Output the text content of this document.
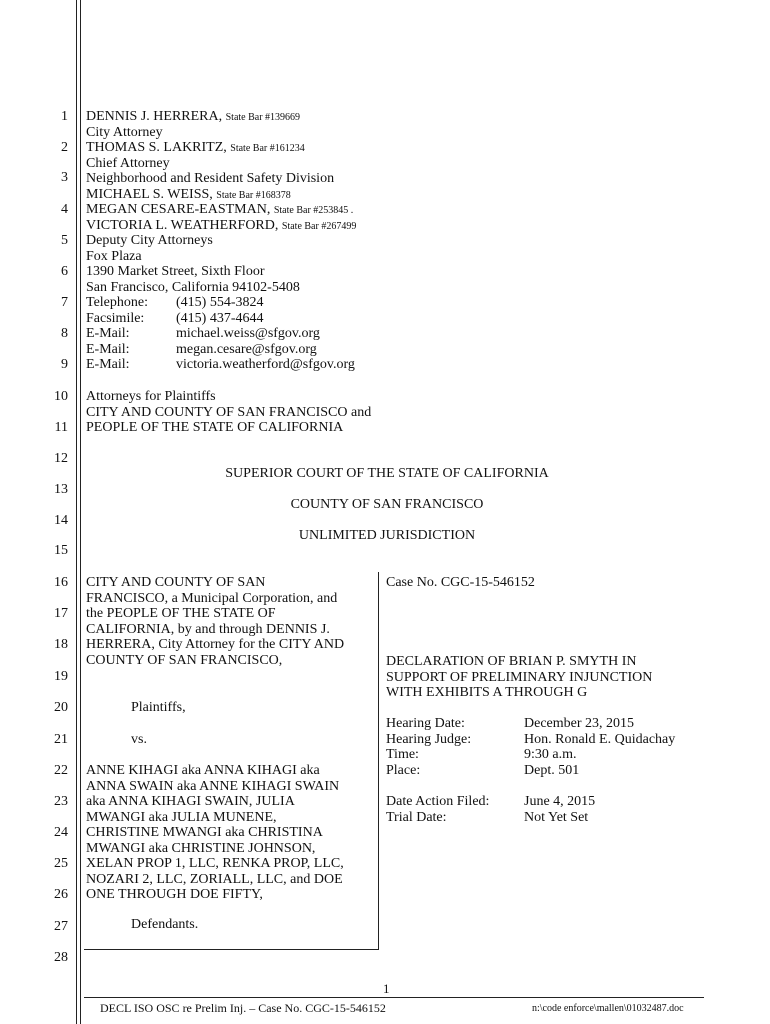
1
2
3
4
5
6
7
8
9
10
11
12
13
14
15
16
17
18
19
20
21
22
23
24
25
26
27
28
DENNIS J. HERRERA, State Bar #139669
City Attorney
THOMAS S. LAKRITZ, State Bar #161234
Chief Attorney
Neighborhood and Resident Safety Division
MICHAEL S. WEISS, State Bar #168378
MEGAN CESARE-EASTMAN, State Bar #253845 .
VICTORIA L. WEATHERFORD, State Bar #267499
Deputy City Attorneys
Fox Plaza
1390 Market Street, Sixth Floor
San Francisco, California 94102-5408
Telephone: (415) 554-3824
Facsimile: (415) 437-4644
E-Mail:	michael.weiss@sfgov.org
E-Mail:	megan.cesare@sfgov.org
E-Mail:	victoria.weatherford@sfgov.org
Attorneys for Plaintiffs
CITY AND COUNTY OF SAN FRANCISCO and
PEOPLE OF THE STATE OF CALIFORNIA
SUPERIOR COURT OF THE STATE OF CALIFORNIA
COUNTY OF SAN FRANCISCO
UNLIMITED JURISDICTION
CITY AND COUNTY OF SAN
FRANCISCO, a Municipal Corporation, and
the PEOPLE OF THE STATE OF
CALIFORNIA, by and through DENNIS J.
HERRERA, City Attorney for the CITY AND
COUNTY OF SAN FRANCISCO,
Plaintiffs,
vs.
ANNE KIHAGI aka ANNA KIHAGI aka
ANNA SWAIN aka ANNE KIHAGI SWAIN
aka ANNA KIHAGI SWAIN, JULIA
MWANGI aka JULIA MUNENE,
CHRISTINE MWANGI aka CHRISTINA
MWANGI aka CHRISTINE JOHNSON,
XELAN PROP 1, LLC, RENKA PROP, LLC,
NOZARI 2, LLC, ZORIALL, LLC, and DOE
ONE THROUGH DOE FIFTY,
Defendants.
Case No. CGC-15-546152
DECLARATION OF BRIAN P. SMYTH IN
SUPPORT OF PRELIMINARY INJUNCTION
WITH EXHIBITS A THROUGH G
Hearing Date:	December 23, 2015
Hearing Judge:	Hon. Ronald E. Quidachay
Time:	9:30 a.m.
Place:	Dept. 501
Date Action Filed: June 4, 2015
Trial Date:	Not Yet Set
1
DECL ISO OSC re Prelim Inj. – Case No. CGC-15-546152	n:\code enforce\mallen\01032487.doc
